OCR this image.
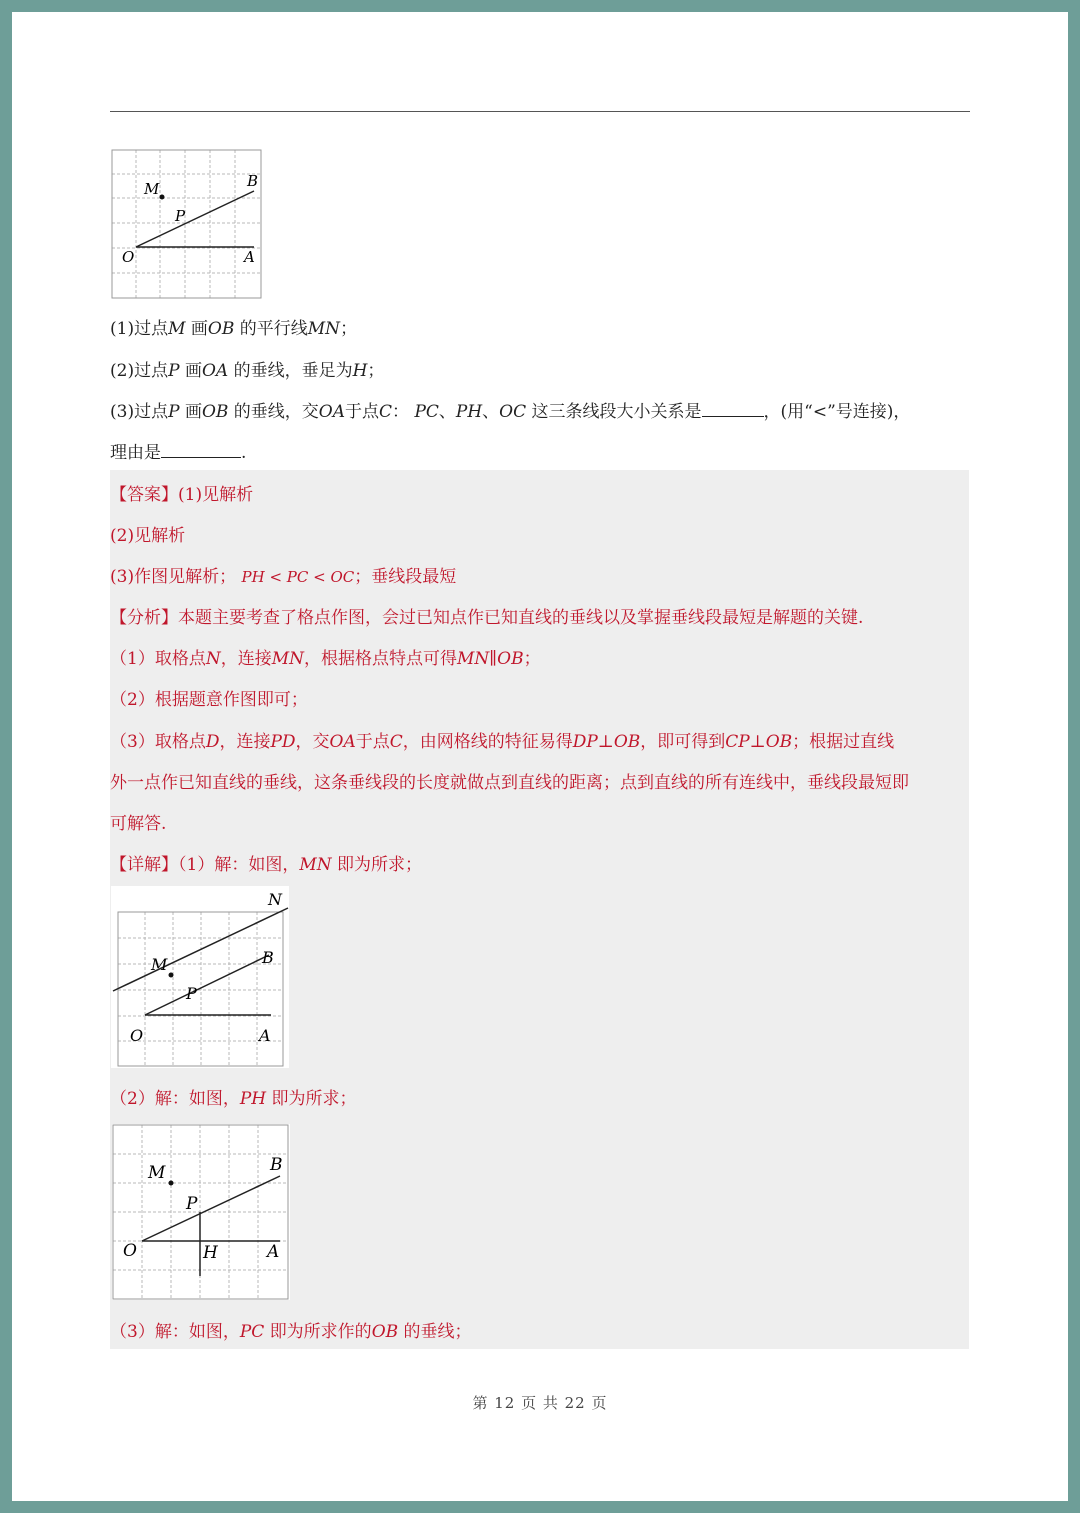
M	B
P
O	A
(1)过点M 画OB 的平行线MN；
(2)过点P 画OA 的垂线，垂足为H；
(3)过点P 画OB 的垂线，交OA于点C： PC、PH、OC 这三条线段大小关系是	，(用“<”号连接)，
理由是	.
【答案】(1)见解析
(2)见解析
(3)作图见解析； PH < PC < OC；垂线段最短
【分析】本题主要考查了格点作图，会过已知点作已知直线的垂线以及掌握垂线段最短是解题的关键.
（1）取格点N，连接MN，根据格点特点可得MN∥OB；
（2）根据题意作图即可；
（3）取格点D，连接PD，交OA于点C，由网格线的特征易得DP⊥OB，即可得到CP⊥OB；根据过直线
外一点作已知直线的垂线，这条垂线段的长度就做点到直线的距离；点到直线的所有连线中，垂线段最短即
可解答.
【详解】（1）解：如图，MN 即为所求；
N
M	B
P
O	A
（2）解：如图，PH 即为所求；
M	B
P
O	H	A
（3）解：如图，PC 即为所求作的OB 的垂线；
第 12 页 共 22 页
